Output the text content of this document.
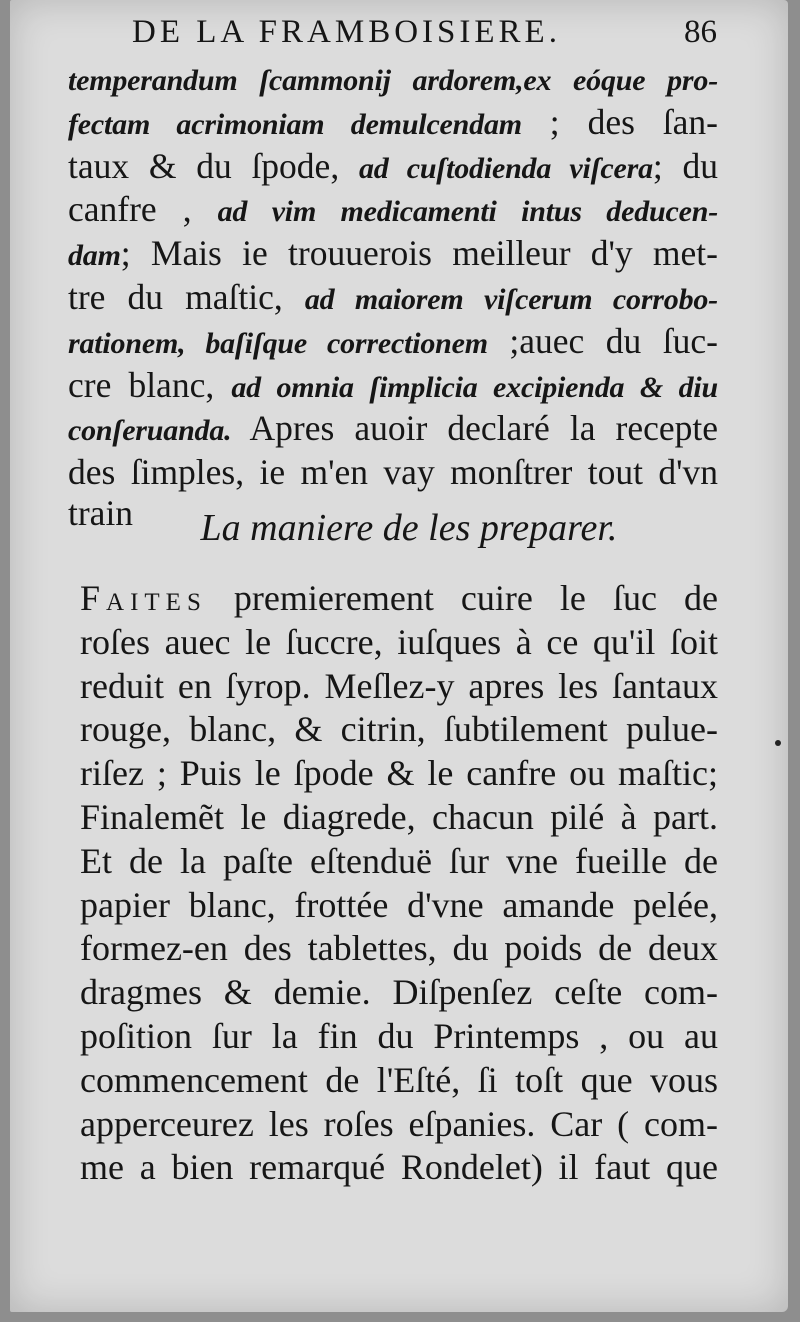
DE LA FRAMBOISIERE.	86
temperandum ſcammonij ardorem,ex eóque pro-
fectam acrimoniam demulcendam ; des ſan-
taux & du ſpode, ad cuſtodienda viſcera; du
canfre , ad vim medicamenti intus deducen-
dam; Mais ie trouuerois meilleur d'y met-
tre du maſtic, ad maiorem viſcerum corrobo-
rationem, baſiſque correctionem ;auec du ſuc-
cre blanc, ad omnia ſimplicia excipienda & diu
conſeruanda. Apres auoir declaré la recepte
des ſimples, ie m'en vay monſtrer tout d'vn
train	La maniere de les preparer.
Faites premierement cuire le ſuc de
roſes auec le ſuccre, iuſques à ce qu'il ſoit
reduit en ſyrop. Meſlez-y apres les ſantaux
rouge, blanc, & citrin, ſubtilement pulue-
riſez ; Puis le ſpode & le canfre ou maſtic;
Finalemẽt le diagrede, chacun pilé à part.
Et de la paſte eſtenduë ſur vne fueille de
papier blanc, frottée d'vne amande pelée,
formez-en des tablettes, du poids de deux
dragmes & demie. Diſpenſez ceſte com-
poſition ſur la fin du Printemps , ou au
commencement de l'Eſté, ſi toſt que vous
apperceurez les roſes eſpanies. Car ( com-
me a bien remarqué Rondelet) il faut que
